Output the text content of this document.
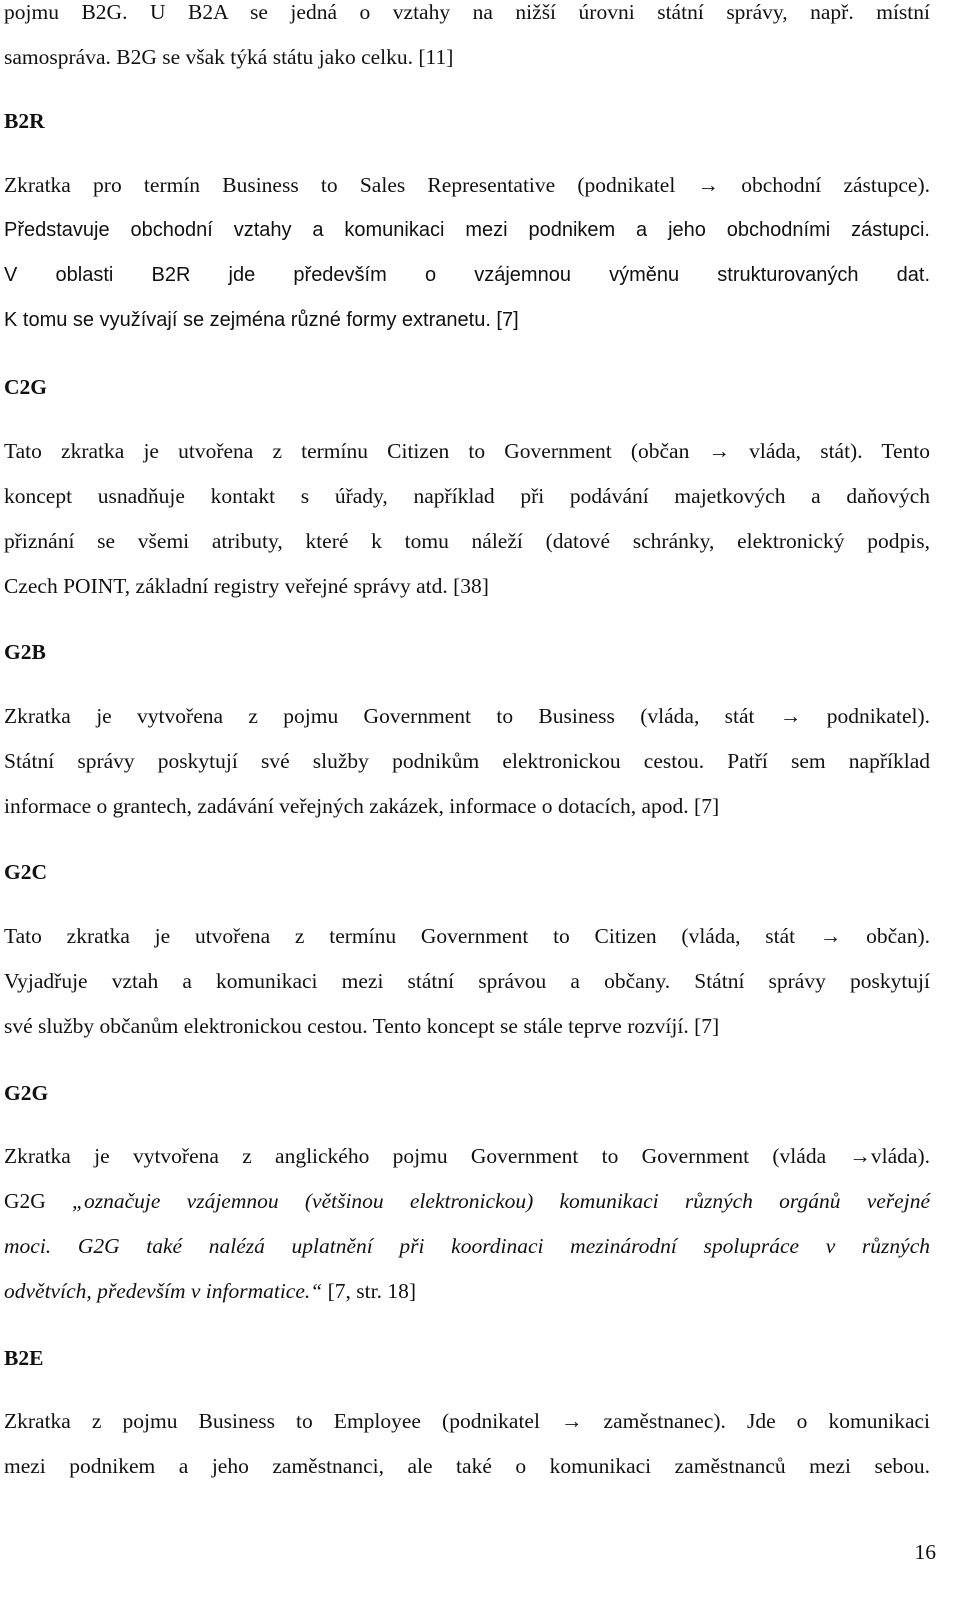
pojmu B2G. U B2A se jedná o vztahy na nižší úrovni státní správy, např. místní
samospráva. B2G se však týká státu jako celku. [11]
B2R
Zkratka pro termín Business to Sales Representative (podnikatel → obchodní zástupce).
Představuje obchodní vztahy a komunikaci mezi podnikem a jeho obchodními zástupci.
V oblasti B2R jde především o vzájemnou výměnu strukturovaných dat.
K tomu se využívají se zejména různé formy extranetu. [7]
C2G
Tato zkratka je utvořena z termínu Citizen to Government (občan → vláda, stát). Tento
koncept usnadňuje kontakt s úřady, například při podávání majetkových a daňových
přiznání se všemi atributy, které k tomu náleží (datové schránky, elektronický podpis,
Czech POINT, základní registry veřejné správy atd. [38]
G2B
Zkratka je vytvořena z pojmu Government to Business (vláda, stát → podnikatel).
Státní správy poskytují své služby podnikům elektronickou cestou. Patří sem například
informace o grantech, zadávání veřejných zakázek, informace o dotacích, apod. [7]
G2C
Tato zkratka je utvořena z termínu Government to Citizen (vláda, stát → občan).
Vyjadřuje vztah a komunikaci mezi státní správou a občany. Státní správy poskytují
své služby občanům elektronickou cestou. Tento koncept se stále teprve rozvíjí. [7]
G2G
Zkratka je vytvořena z anglického pojmu Government to Government (vláda →vláda).
G2G „označuje vzájemnou (většinou elektronickou) komunikaci různých orgánů veřejné
moci. G2G také nalézá uplatnění při koordinaci mezinárodní spolupráce v různých
odvětvích, především v informatice.“ [7, str. 18]
B2E
Zkratka z pojmu Business to Employee (podnikatel → zaměstnanec). Jde o komunikaci
mezi podnikem a jeho zaměstnanci, ale také o komunikaci zaměstnanců mezi sebou.
16
